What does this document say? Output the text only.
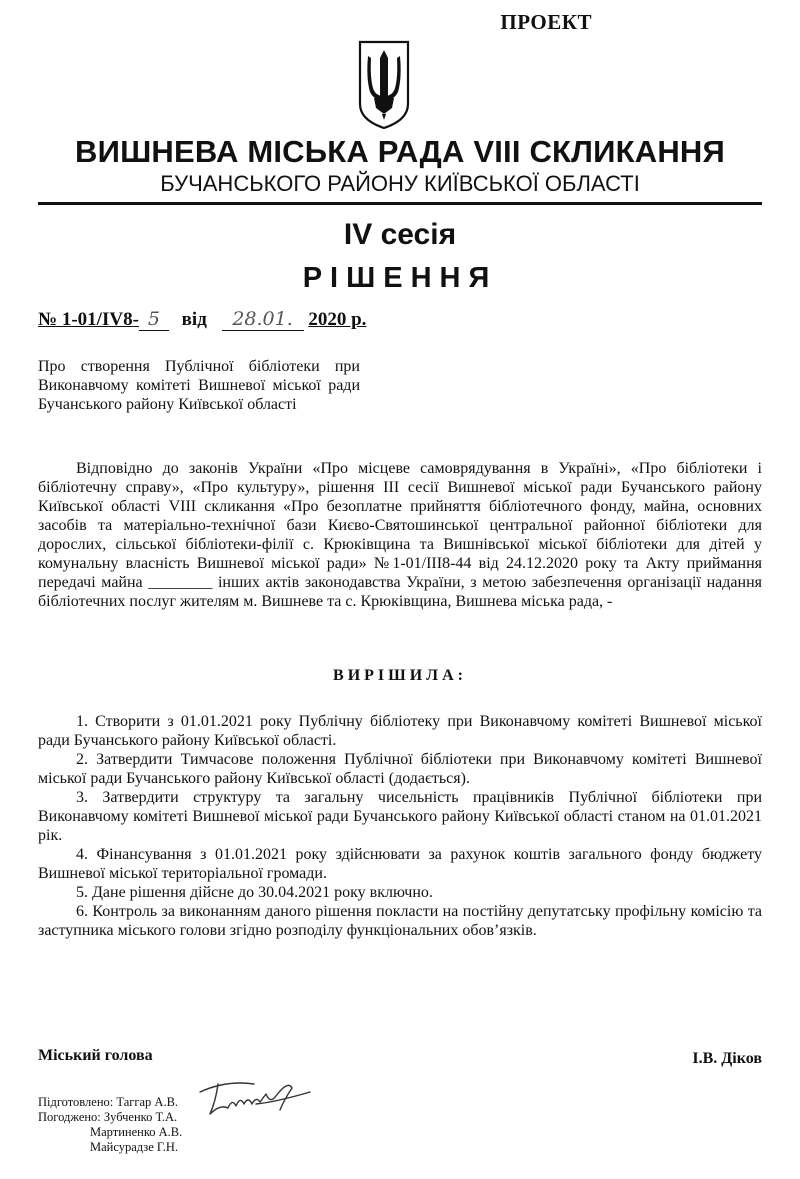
ПРОЕКТ
ВИШНЕВА МІСЬКА РАДА VIII СКЛИКАННЯ
БУЧАНСЬКОГО РАЙОНУ КИЇВСЬКОЇ ОБЛАСТІ
IV сесія
РІШЕННЯ
№ 1-01/IV8- 5 від 28.01. 2020 р.
Про створення Публічної бібліотеки при Виконавчому комітеті Вишневої міської ради Бучанського району Київської області
Відповідно до законів України «Про місцеве самоврядування в Україні», «Про бібліотеки і бібліотечну справу», «Про культуру», рішення ІІІ сесії Вишневої міської ради Бучанського району Київської області VIII скликання «Про безоплатне прийняття бібліотечного фонду, майна, основних засобів та матеріально-технічної бази Києво-Святошинської центральної районної бібліотеки для дорослих, сільської бібліотеки-філії с. Крюківщина та Вишнівської міської бібліотеки для дітей у комунальну власність Вишневої міської ради» №1-01/ІІІ8-44 від 24.12.2020 року та Акту приймання передачі майна ________ інших актів законодавства України, з метою забезпечення організації надання бібліотечних послуг жителям м. Вишневе та с. Крюківщина, Вишнева міська рада, -
ВИРІШИЛА:

1. Створити з 01.01.2021 року Публічну бібліотеку при Виконавчому комітеті Вишневої міської ради Бучанського району Київської області.

2. Затвердити Тимчасове положення Публічної бібліотеки при Виконавчому комітеті Вишневої міської ради Бучанського району Київської області (додається).

3. Затвердити структуру та загальну чисельність працівників Публічної бібліотеки при Виконавчому комітеті Вишневої міської ради Бучанського району Київської області станом на 01.01.2021 рік.

4. Фінансування з 01.01.2021 року здійснювати за рахунок коштів загального фонду бюджету Вишневої міської територіальної громади.

5. Дане рішення дійсне до 30.04.2021 року включно.

6. Контроль за виконанням даного рішення покласти на постійну депутатську профільну комісію та заступника міського голови згідно розподілу функціональних обов’язків.

Міський голова	І.В. Діков
Підготовлено: Таггар А.В.
Погоджено: Зубченко Т.А.
Мартиненко А.В.
Майсурадзе Г.Н.
